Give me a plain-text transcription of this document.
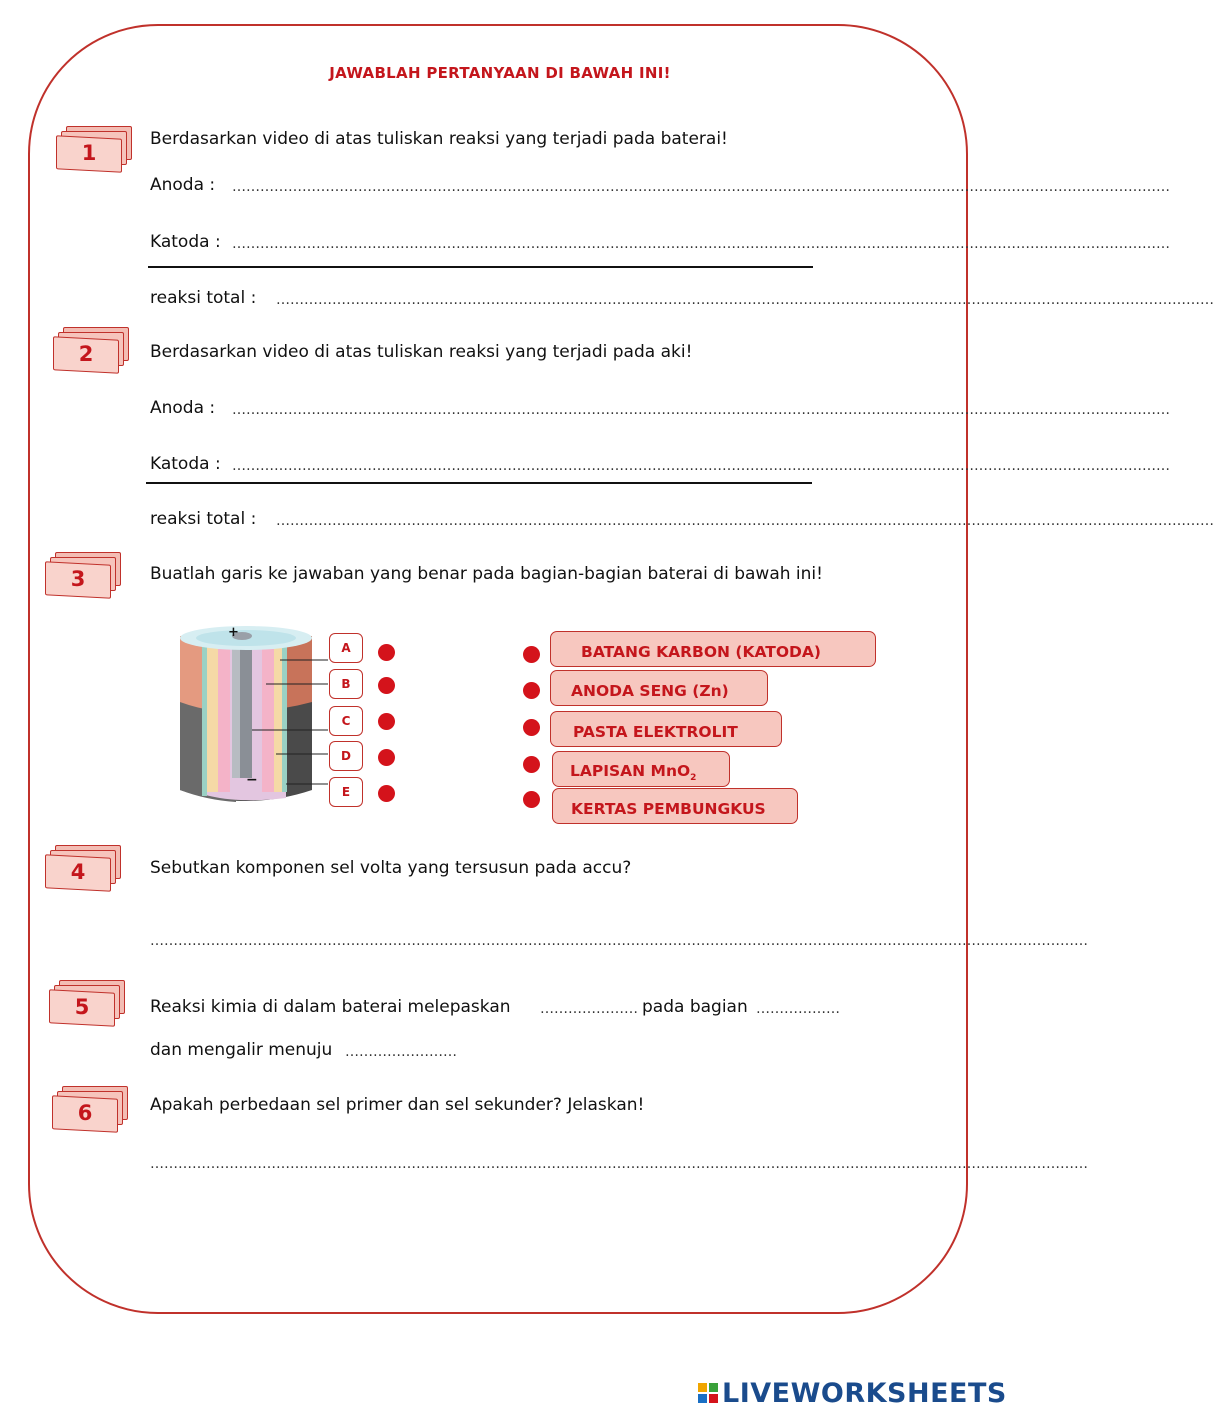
JAWABLAH PERTANYAAN DI BAWAH INI!
1
Berdasarkan video di atas tuliskan reaksi yang terjadi pada baterai!
Anoda : …………………………………………………………………………………………………………………………………………………………………………………
Katoda : …………………………………………………………………………………………………………………………………………………………………………………
reaksi total : …………………………………………………………………………………………………………………………………………………………………………………
2	Berdasarkan video di atas tuliskan reaksi yang terjadi pada aki!
Anoda : …………………………………………………………………………………………………………………………………………………………………………………
Katoda : …………………………………………………………………………………………………………………………………………………………………………………
reaksi total : …………………………………………………………………………………………………………………………………………………………………………………
3	Buatlah garis ke jawaban yang benar pada bagian-bagian baterai di bawah ini!
+
−
A
B
C
D
E
BATANG KARBON (KATODA)
ANODA SENG (Zn)
PASTA ELEKTROLIT
LAPISAN MnO$_2$
KERTAS PEMBUNGKUS
4	Sebutkan komponen sel volta yang tersusun pada accu?
…………………………………………………………………………………………………………………………………………………………………………………
5	Reaksi kimia di dalam baterai melepaskan ………………… pada bagian ………………
dan mengalir menuju ……………………
6	Apakah perbedaan sel primer dan sel sekunder? Jelaskan!
…………………………………………………………………………………………………………………………………………………………………………………
LIVEWORKSHEETS
